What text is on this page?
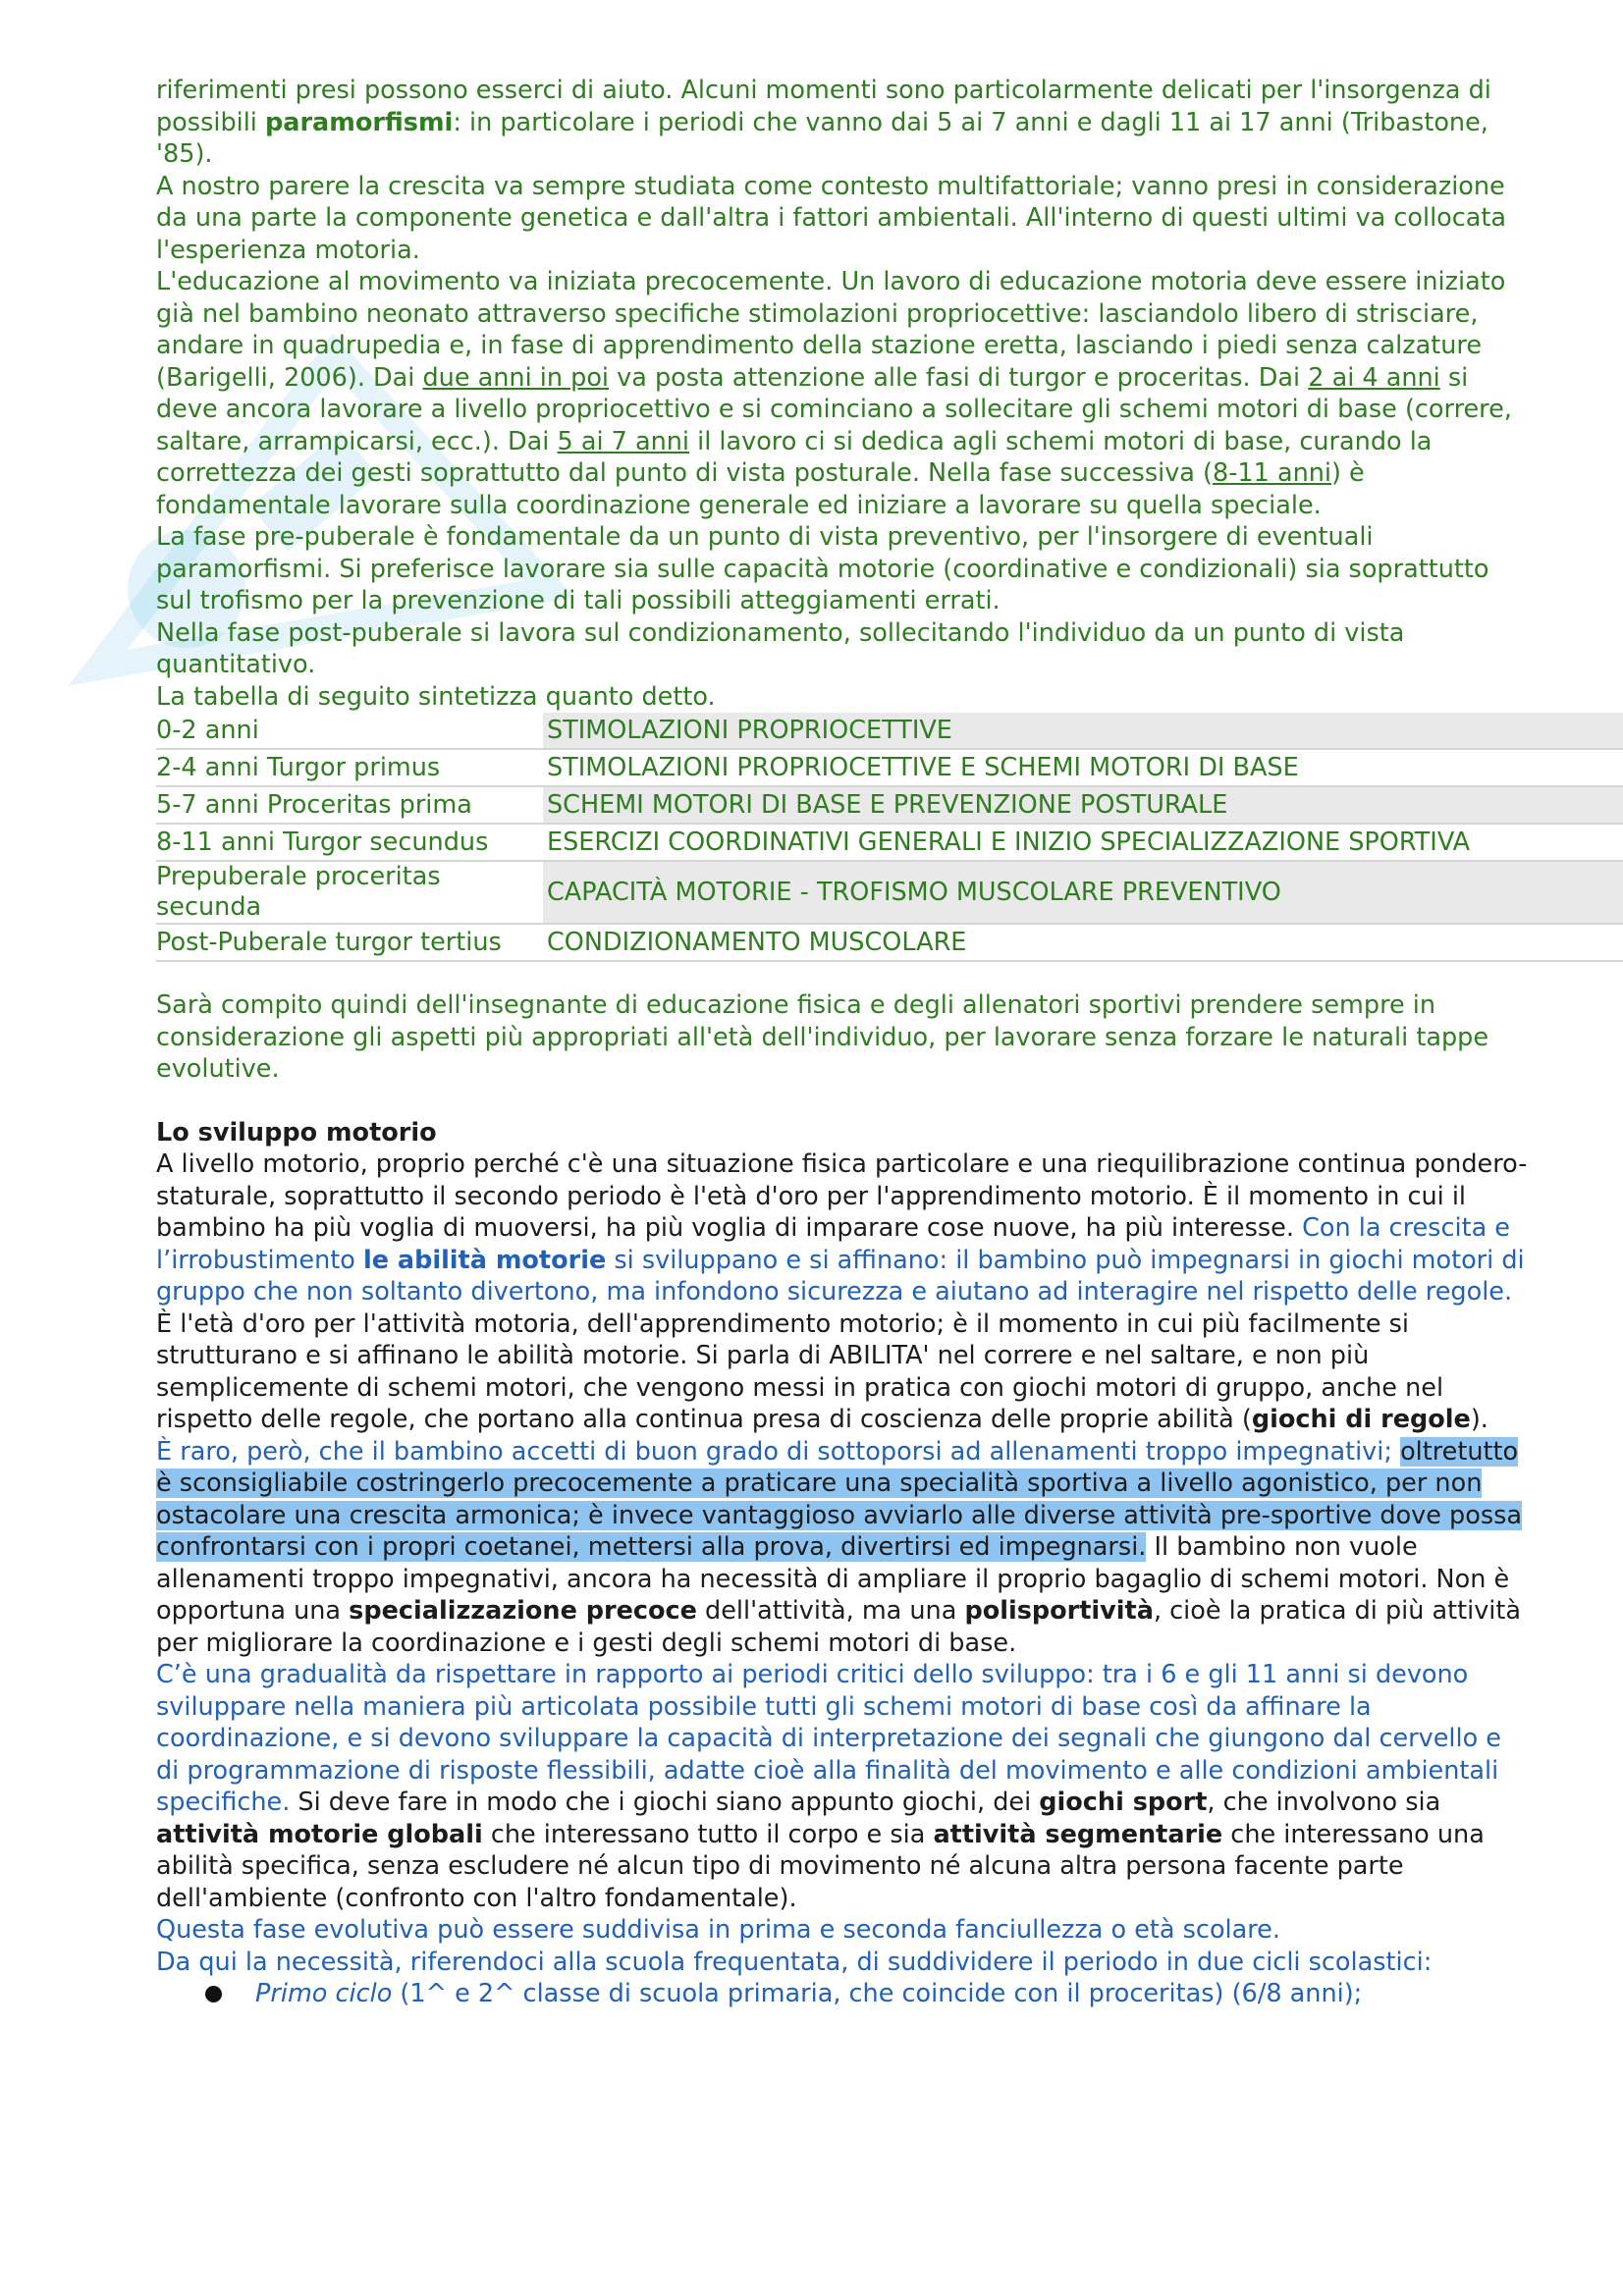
riferimenti presi possono esserci di aiuto. Alcuni momenti sono particolarmente delicati per l'insorgenza di possibili paramorfismi: in particolare i periodi che vanno dai 5 ai 7 anni e dagli 11 ai 17 anni (Tribastone, '85).

A nostro parere la crescita va sempre studiata come contesto multifattoriale; vanno presi in considerazione da una parte la componente genetica e dall'altra i fattori ambientali. All'interno di questi ultimi va collocata l'esperienza motoria.

L'educazione al movimento va iniziata precocemente. Un lavoro di educazione motoria deve essere iniziato già nel bambino neonato attraverso specifiche stimolazioni propriocettive: lasciandolo libero di strisciare, andare in quadrupedia e, in fase di apprendimento della stazione eretta, lasciando i piedi senza calzature (Barigelli, 2006). Dai due anni in poi va posta attenzione alle fasi di turgor e proceritas. Dai 2 ai 4 anni si deve ancora lavorare a livello propriocettivo e si cominciano a sollecitare gli schemi motori di base (correre, saltare, arrampicarsi, ecc.). Dai 5 ai 7 anni il lavoro ci si dedica agli schemi motori di base, curando la correttezza dei gesti soprattutto dal punto di vista posturale. Nella fase successiva (8-11 anni) è fondamentale lavorare sulla coordinazione generale ed iniziare a lavorare su quella speciale.

La fase pre-puberale è fondamentale da un punto di vista preventivo, per l'insorgere di eventuali paramorfismi. Si preferisce lavorare sia sulle capacità motorie (coordinative e condizionali) sia soprattutto sul trofismo per la prevenzione di tali possibili atteggiamenti errati.

Nella fase post-puberale si lavora sul condizionamento, sollecitando l'individuo da un punto di vista quantitativo.

La tabella di seguito sintetizza quanto detto.

0-2 anni	STIMOLAZIONI PROPRIOCETTIVE
2-4 anni Turgor primus	STIMOLAZIONI PROPRIOCETTIVE E SCHEMI MOTORI DI BASE
5-7 anni Proceritas prima	SCHEMI MOTORI DI BASE E PREVENZIONE POSTURALE
8-11 anni Turgor secundus	ESERCIZI COORDINATIVI GENERALI E INIZIO SPECIALIZZAZIONE SPORTIVA
Prepuberale proceritas secunda	CAPACITÀ MOTORIE - TROFISMO MUSCOLARE PREVENTIVO
Post-Puberale turgor tertius	CONDIZIONAMENTO MUSCOLARE

Sarà compito quindi dell'insegnante di educazione fisica e degli allenatori sportivi prendere sempre in considerazione gli aspetti più appropriati all'età dell'individuo, per lavorare senza forzare le naturali tappe evolutive.

Lo sviluppo motorio

A livello motorio, proprio perché c'è una situazione fisica particolare e una riequilibrazione continua pondero-staturale, soprattutto il secondo periodo è l'età d'oro per l'apprendimento motorio. È il momento in cui il bambino ha più voglia di muoversi, ha più voglia di imparare cose nuove, ha più interesse. Con la crescita e l’irrobustimento le abilità motorie si sviluppano e si affinano: il bambino può impegnarsi in giochi motori di gruppo che non soltanto divertono, ma infondono sicurezza e aiutano ad interagire nel rispetto delle regole. È l'età d'oro per l'attività motoria, dell'apprendimento motorio; è il momento in cui più facilmente si strutturano e si affinano le abilità motorie. Si parla di ABILITA' nel correre e nel saltare, e non più semplicemente di schemi motori, che vengono messi in pratica con giochi motori di gruppo, anche nel rispetto delle regole, che portano alla continua presa di coscienza delle proprie abilità (giochi di regole).

È raro, però, che il bambino accetti di buon grado di sottoporsi ad allenamenti troppo impegnativi; oltretutto è sconsigliabile costringerlo precocemente a praticare una specialità sportiva a livello agonistico, per non ostacolare una crescita armonica; è invece vantaggioso avviarlo alle diverse attività pre-sportive dove possa confrontarsi con i propri coetanei, mettersi alla prova, divertirsi ed impegnarsi. Il bambino non vuole allenamenti troppo impegnativi, ancora ha necessità di ampliare il proprio bagaglio di schemi motori. Non è opportuna una specializzazione precoce dell'attività, ma una polisportività, cioè la pratica di più attività per migliorare la coordinazione e i gesti degli schemi motori di base.

C’è una gradualità da rispettare in rapporto ai periodi critici dello sviluppo: tra i 6 e gli 11 anni si devono sviluppare nella maniera più articolata possibile tutti gli schemi motori di base così da affinare la coordinazione, e si devono sviluppare la capacità di interpretazione dei segnali che giungono dal cervello e di programmazione di risposte flessibili, adatte cioè alla finalità del movimento e alle condizioni ambientali specifiche. Si deve fare in modo che i giochi siano appunto giochi, dei giochi sport, che involvono sia attività motorie globali che interessano tutto il corpo e sia attività segmentarie che interessano una abilità specifica, senza escludere né alcun tipo di movimento né alcuna altra persona facente parte dell'ambiente (confronto con l'altro fondamentale).

Questa fase evolutiva può essere suddivisa in prima e seconda fanciullezza o età scolare.

Da qui la necessità, riferendoci alla scuola frequentata, di suddividere il periodo in due cicli scolastici:

Primo ciclo (1^ e 2^ classe di scuola primaria, che coincide con il proceritas) (6/8 anni);
